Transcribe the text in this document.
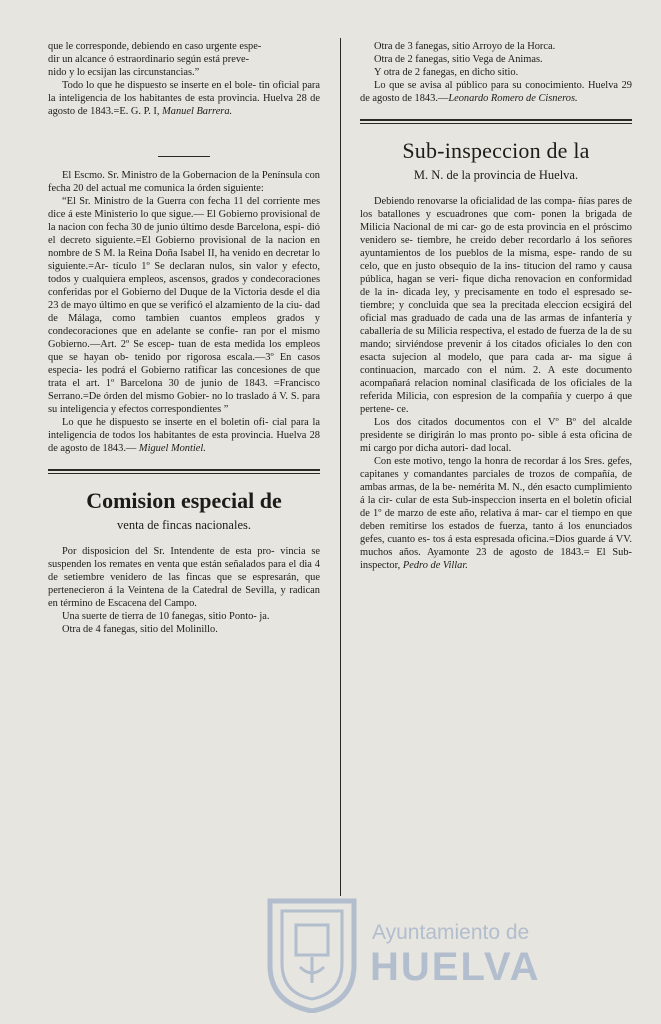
que le corresponde, debiendo en caso urgente espe-
dir un alcance ó estraordinario según está preve-
nido y lo ecsijan las circunstancias.”

Todo lo que he dispuesto se inserte en el bole- tin oficial para la inteligencia de los habitantes de esta provincia. Huelva 28 de agosto de 1843.=E. G. P. I, Manuel Barrera.

El Escmo. Sr. Ministro de la Gobernacion de la Península con fecha 20 del actual me comunica la órden siguiente:

“El Sr. Ministro de la Guerra con fecha 11 del corriente mes dice á este Ministerio lo que sigue.— El Gobierno provisional de la nacion con fecha 30 de junio último desde Barcelona, espi- dió el decreto siguiente.=El Gobierno provisional de la nacion en nombre de S M. la Reina Doña Isabel II, ha venido en decretar lo siguiente.=Ar- tículo 1º Se declaran nulos, sin valor y efecto, todos y cualquiera empleos, ascensos, grados y condecoraciones conferidas por el Gobierno del Duque de la Victoria desde el dia 23 de mayo último en que se verificó el alzamiento de la ciu- dad de Málaga, como tambien cuantos empleos grados y condecoraciones que en adelante se confie- ran por el mismo Gobierno.—Art. 2º Se escep- tuan de esta medida los empleos que se hayan ob- tenido por rigorosa escala.—3º En casos especia- les podrá el Gobierno ratificar las concesiones de que trata el art. 1º Barcelona 30 de junio de 1843. =Francisco Serrano.=De órden del mismo Gobier- no lo traslado á V. S. para su inteligencia y efectos correspondientes ”

Lo que he dispuesto se inserte en el boletin ofi- cial para la inteligencia de todos los habitantes de esta provincia. Huelva 28 de agosto de 1843.— Miguel Montiel.

Comision especial de
venta de fincas nacionales.

Por disposicion del Sr. Intendente de esta pro- vincia se suspenden los remates en venta que están señalados para el dia 4 de setiembre venidero de las fincas que se espresarán, que pertenecieron á la Veintena de la Catedral de Sevilla, y radican en término de Escacena del Campo.

Una suerte de tierra de 10 fanegas, sitio Ponto- ja.

Otra de 4 fanegas, sitio del Molinillo.

Otra de 3 fanegas, sitio Arroyo de la Horca.
Otra de 2 fanegas, sitio Vega de Animas.
Y otra de 2 fanegas, en dicho sitio.

Lo que se avisa al público para su conocimiento. Huelva 29 de agosto de 1843.—Leonardo Romero de Cisneros.

Sub-inspeccion de la
M. N. de la provincia de Huelva.

Debiendo renovarse la oficialidad de las compa- ñías pares de los batallones y escuadrones que com- ponen la brigada de Milicia Nacional de mi car- go de esta provincia en el próscimo venidero se- tiembre, he creido deber recordarlo á los señores ayuntamientos de los pueblos de la misma, espe- rando de su celo, que en justo obsequio de la ins- titucion del ramo y causa pública, hagan se veri- fique dicha renovacion en conformidad de la in- dicada ley, y precisamente en todo el espresado se- tiembre; y concluida que sea la precitada eleccion ecsigirá del oficial mas graduado de cada una de las armas de infantería y caballería de su Milicia respectiva, el estado de fuerza de la de su mando; sirviéndose prevenir á los citados oficiales lo den con esacta sujecion al modelo, que para cada ar- ma sigue á continuacion, marcado con el núm. 2. A este documento acompañará relacion nominal clasificada de los oficiales de la referida Milicia, con espresion de la compañía y cuerpo á que pertene- ce.

Los dos citados documentos con el Vº Bº del alcalde presidente se dirigirán lo mas pronto po- sible á esta oficina de mi cargo por dicha autori- dad local.

Con este motivo, tengo la honra de recordar á los Sres. gefes, capitanes y comandantes parciales de trozos de compañía, de ambas armas, de la be- nemérita M. N., dén esacto cumplimiento á la cir- cular de esta Sub-inspeccion inserta en el boletín oficial de 1º de marzo de este año, relativa á mar- car el tiempo en que deben remitirse los estados de fuerza, tanto á los enunciados gefes, cuanto es- tos á esta espresada oficina.=Dios guarde á VV. muchos años. Ayamonte 23 de agosto de 1843.= El Sub-inspector, Pedro de Villar.

Ayuntamiento de
HUELVA
